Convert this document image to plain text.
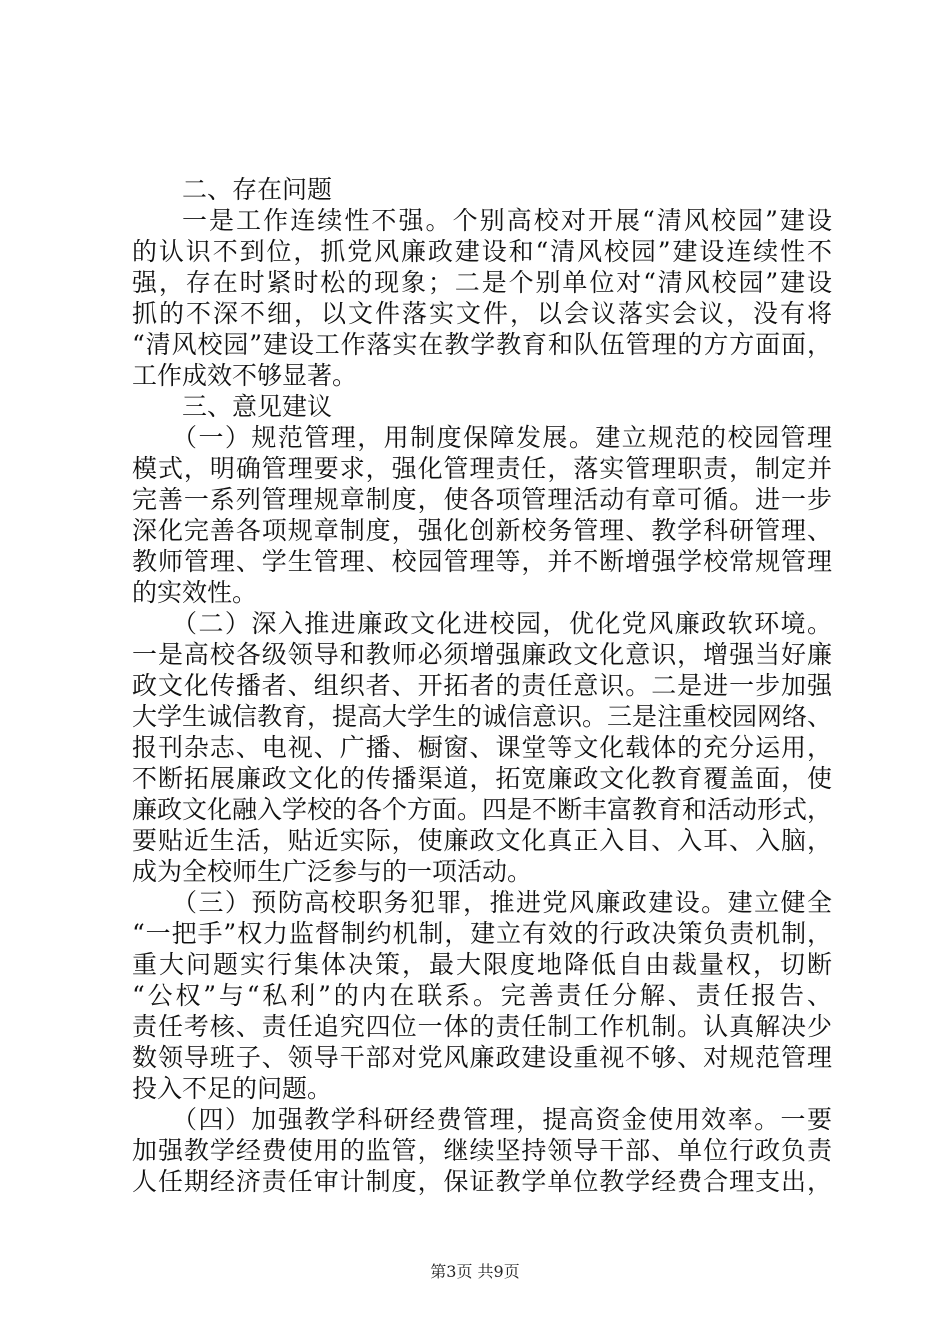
二、存在问题
一是工作连续性不强。个别高校对开展“清风校园”建设
的认识不到位，抓党风廉政建设和“清风校园”建设连续性不
强，存在时紧时松的现象；二是个别单位对“清风校园”建设
抓的不深不细，以文件落实文件，以会议落实会议，没有将
“清风校园”建设工作落实在教学教育和队伍管理的方方面面，
工作成效不够显著。
三、意见建议
（一）规范管理，用制度保障发展。建立规范的校园管理
模式，明确管理要求，强化管理责任，落实管理职责，制定并
完善一系列管理规章制度，使各项管理活动有章可循。进一步
深化完善各项规章制度，强化创新校务管理、教学科研管理、
教师管理、学生管理、校园管理等，并不断增强学校常规管理
的实效性。
（二）深入推进廉政文化进校园，优化党风廉政软环境。
一是高校各级领导和教师必须增强廉政文化意识，增强当好廉
政文化传播者、组织者、开拓者的责任意识。二是进一步加强
大学生诚信教育，提高大学生的诚信意识。三是注重校园网络、
报刊杂志、电视、广播、橱窗、课堂等文化载体的充分运用，
不断拓展廉政文化的传播渠道，拓宽廉政文化教育覆盖面，使
廉政文化融入学校的各个方面。四是不断丰富教育和活动形式，
要贴近生活，贴近实际，使廉政文化真正入目、入耳、入脑，
成为全校师生广泛参与的一项活动。
（三）预防高校职务犯罪，推进党风廉政建设。建立健全
“一把手”权力监督制约机制，建立有效的行政决策负责机制，
重大问题实行集体决策，最大限度地降低自由裁量权，切断
“公权”与“私利”的内在联系。完善责任分解、责任报告、
责任考核、责任追究四位一体的责任制工作机制。认真解决少
数领导班子、领导干部对党风廉政建设重视不够、对规范管理
投入不足的问题。
（四）加强教学科研经费管理，提高资金使用效率。一要
加强教学经费使用的监管，继续坚持领导干部、单位行政负责
人任期经济责任审计制度，保证教学单位教学经费合理支出，
第3页 共9页
